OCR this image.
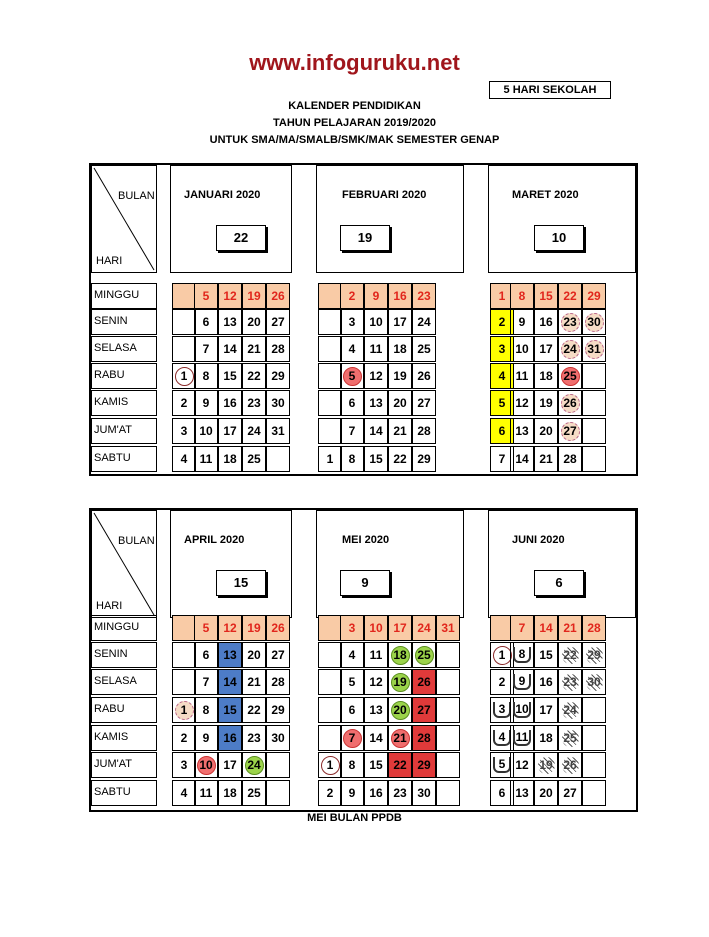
www.infoguruku.net
5 HARI SEKOLAH
KALENDER PENDIDIKAN
TAHUN PELAJARAN 2019/2020
UNTUK SMA/MA/SMALB/SMK/MAK SEMESTER GENAP
BULAN
HARI
MINGGU
SENIN
SELASA
RABU
KAMIS
JUM'AT
SABTU
JANUARI 2020
22
1
2
3
4
5
6
7
8
9
10
11
12
13
14
15
16
17
18
19
20
21
22
23
24
25
26
27
28
29
30
31
FEBRUARI 2020
19
1
2
3
4
5
6
7
8
9
10
11
12
13
14
15
16
17
18
19
20
21
22
23
24
25
26
27
28
29
MARET 2020
10
1
2
3
4
5
6
7
8
9
10
11
12
13
14
15
16
17
18
19
20
21
22
23
24
25
26
27
28
29
30
31
BULAN
HARI
MINGGU
SENIN
SELASA
RABU
KAMIS
JUM'AT
SABTU
APRIL 2020
15
1
2
3
4
5
6
7
8
9
10
11
12
13
14
15
16
17
18
19
20
21
22
23
24
25
26
27
28
29
30
MEI 2020
9
1
2
3
4
5
6
7
8
9
10
11
12
13
14
15
16
17
18
19
20
21
22
23
24
25
26
27
28
29
30
31
JUNI 2020
6
1
2
3
4
5
6
7
8
9
10
11
12
13
14
15
16
17
18
19
20
21
22
23
24
25
26
27
28
29
30
MEI BULAN PPDB
